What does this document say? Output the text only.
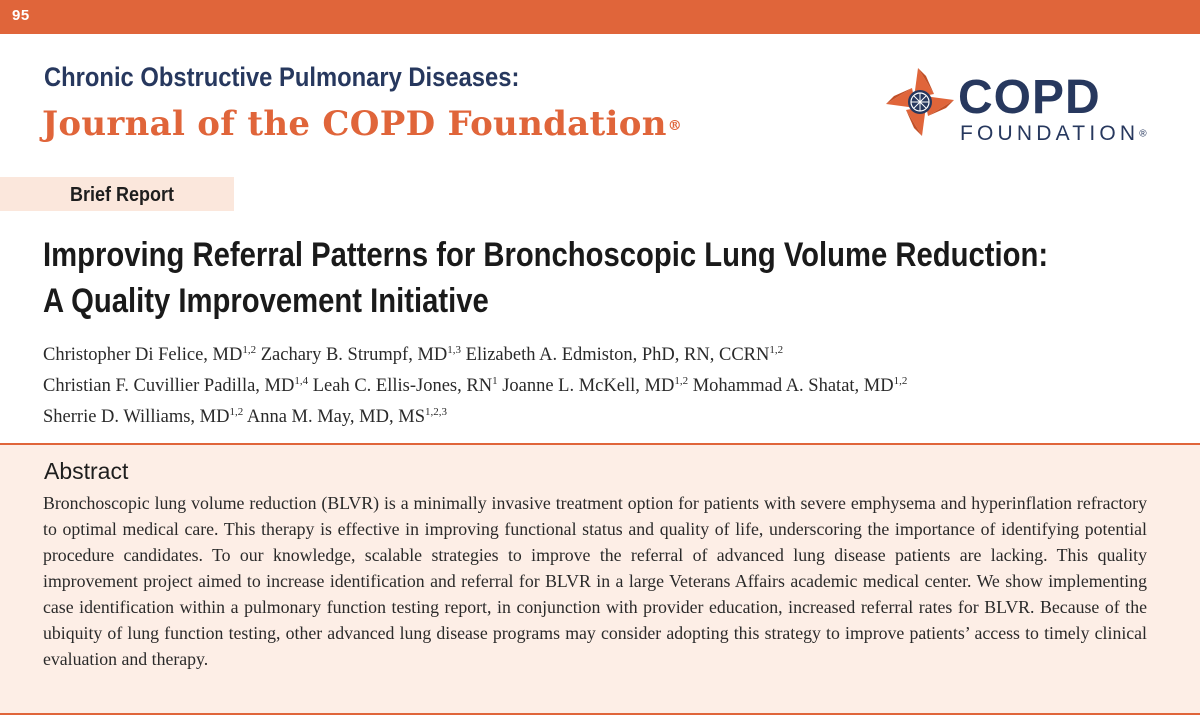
95
Chronic Obstructive Pulmonary Diseases:
Journal of the COPD Foundation®
COPD
FOUNDATION®
Brief Report
Improving Referral Patterns for Bronchoscopic Lung Volume Reduction:
A Quality Improvement Initiative
Christopher Di Felice, MD$^{1,2}$ Zachary B. Strumpf, MD$^{1,3}$ Elizabeth A. Edmiston, PhD, RN, CCRN$^{1,2}$
Christian F. Cuvillier Padilla, MD$^{1,4}$ Leah C. Ellis-Jones, $RN^1$ Joanne L. McKell, MD$^{1,2}$ Mohammad A. Shatat, MD$^{1,2}$
Sherrie D. Williams, MD$^{1,2}$ Anna M. May, MD, MS$^{1,2,3}$
Abstract
Bronchoscopic lung volume reduction (BLVR) is a minimally invasive treatment option for patients with severe emphysema and hyperinflation refractory to optimal medical care. This therapy is effective in improving functional status and quality of life, underscoring the importance of identifying potential procedure candidates. To our knowledge, scalable strategies to improve the referral of advanced lung disease patients are lacking. This quality improvement project aimed to increase identification and referral for BLVR in a large Veterans Affairs academic medical center. We show implementing case identification within a pulmonary function testing report, in conjunction with provider education, increased referral rates for BLVR. Because of the ubiquity of lung function testing, other advanced lung disease programs may consider adopting this strategy to improve patients’ access to timely clinical evaluation and therapy.
